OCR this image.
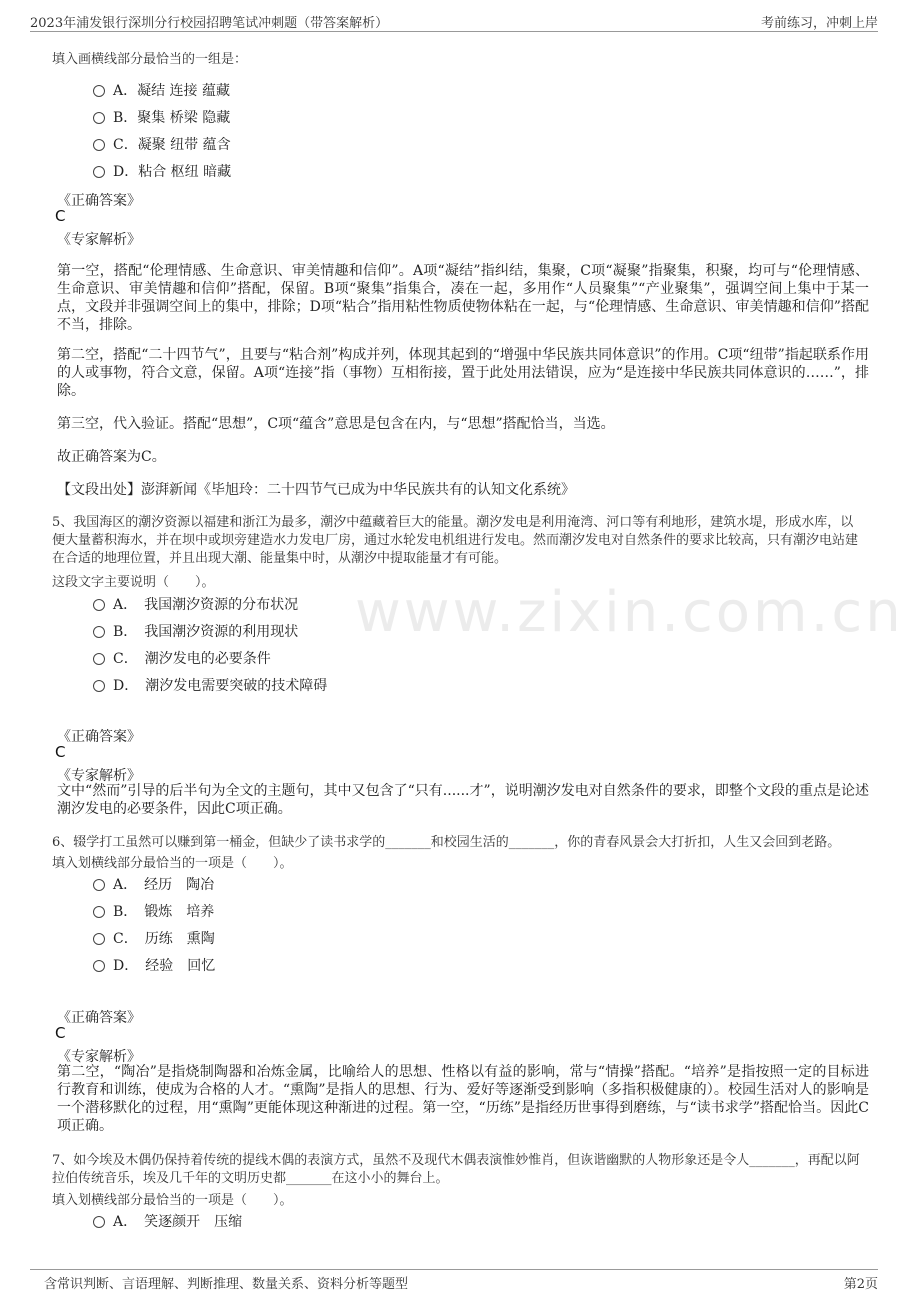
2023年浦发银行深圳分行校园招聘笔试冲刺题（带答案解析）	考前练习，冲刺上岸
www.zixin.com.cn
填入画横线部分最恰当的一组是：
A．凝结 连接 蕴藏
B．聚集 桥梁 隐藏
C．凝聚 纽带 蕴含
D．粘合 枢纽 暗藏
《正确答案》
C
《专家解析》
第一空，搭配“伦理情感、生命意识、审美情趣和信仰”。A项“凝结”指纠结，集聚，C项“凝聚”指聚集，积聚，均可与“伦理情感、生命意识、审美情趣和信仰”搭配，保留。B项“聚集”指集合，凑在一起，多用作“人员聚集”“产业聚集”，强调空间上集中于某一点，文段并非强调空间上的集中，排除；D项“粘合”指用粘性物质使物体粘在一起，与“伦理情感、生命意识、审美情趣和信仰”搭配不当，排除。
第二空，搭配“二十四节气”，且要与“粘合剂”构成并列，体现其起到的“增强中华民族共同体意识”的作用。C项“纽带”指起联系作用的人或事物，符合文意，保留。A项“连接”指（事物）互相衔接，置于此处用法错误，应为“是连接中华民族共同体意识的……”，排除。
第三空，代入验证。搭配“思想”，C项“蕴含”意思是包含在内，与“思想”搭配恰当，当选。
故正确答案为C。
【文段出处】澎湃新闻《毕旭玲：二十四节气已成为中华民族共有的认知文化系统》
5、我国海区的潮汐资源以福建和浙江为最多，潮汐中蕴藏着巨大的能量。潮汐发电是利用淹湾、河口等有利地形，建筑水堤，形成水库，以便大量蓄积海水，并在坝中或坝旁建造水力发电厂房，通过水轮发电机组进行发电。然而潮汐发电对自然条件的要求比较高，只有潮汐电站建在合适的地理位置，并且出现大潮、能量集中时，从潮汐中提取能量才有可能。
这段文字主要说明（　　）。
A．　我国潮汐资源的分布状况
B．　我国潮汐资源的利用现状
C．　潮汐发电的必要条件
D．　潮汐发电需要突破的技术障碍
《正确答案》
C
《专家解析》
文中“然而”引导的后半句为全文的主题句，其中又包含了“只有......才”，说明潮汐发电对自然条件的要求，即整个文段的重点是论述潮汐发电的必要条件，因此C项正确。
6、辍学打工虽然可以赚到第一桶金，但缺少了读书求学的_______和校园生活的_______，你的青春风景会大打折扣，人生又会回到老路。
填入划横线部分最恰当的一项是（　　）。
A．　经历　陶冶
B．　锻炼　培养
C．　历练　熏陶
D．　经验　回忆
《正确答案》
C
《专家解析》
第二空，“陶冶”是指烧制陶器和冶炼金属，比喻给人的思想、性格以有益的影响，常与“情操”搭配。“培养”是指按照一定的目标进行教育和训练，使成为合格的人才。“熏陶”是指人的思想、行为、爱好等逐渐受到影响（多指积极健康的）。校园生活对人的影响是一个潜移默化的过程，用“熏陶”更能体现这种渐进的过程。第一空，“历练”是指经历世事得到磨练，与“读书求学”搭配恰当。因此C项正确。
7、如今埃及木偶仍保持着传统的提线木偶的表演方式，虽然不及现代木偶表演惟妙惟肖，但诙谐幽默的人物形象还是令人_______，再配以阿拉伯传统音乐，埃及几千年的文明历史都_______在这小小的舞台上。
填入划横线部分最恰当的一项是（　　）。
A．　笑逐颜开　压缩
含常识判断、言语理解、判断推理、数量关系、资料分析等题型	第2页
